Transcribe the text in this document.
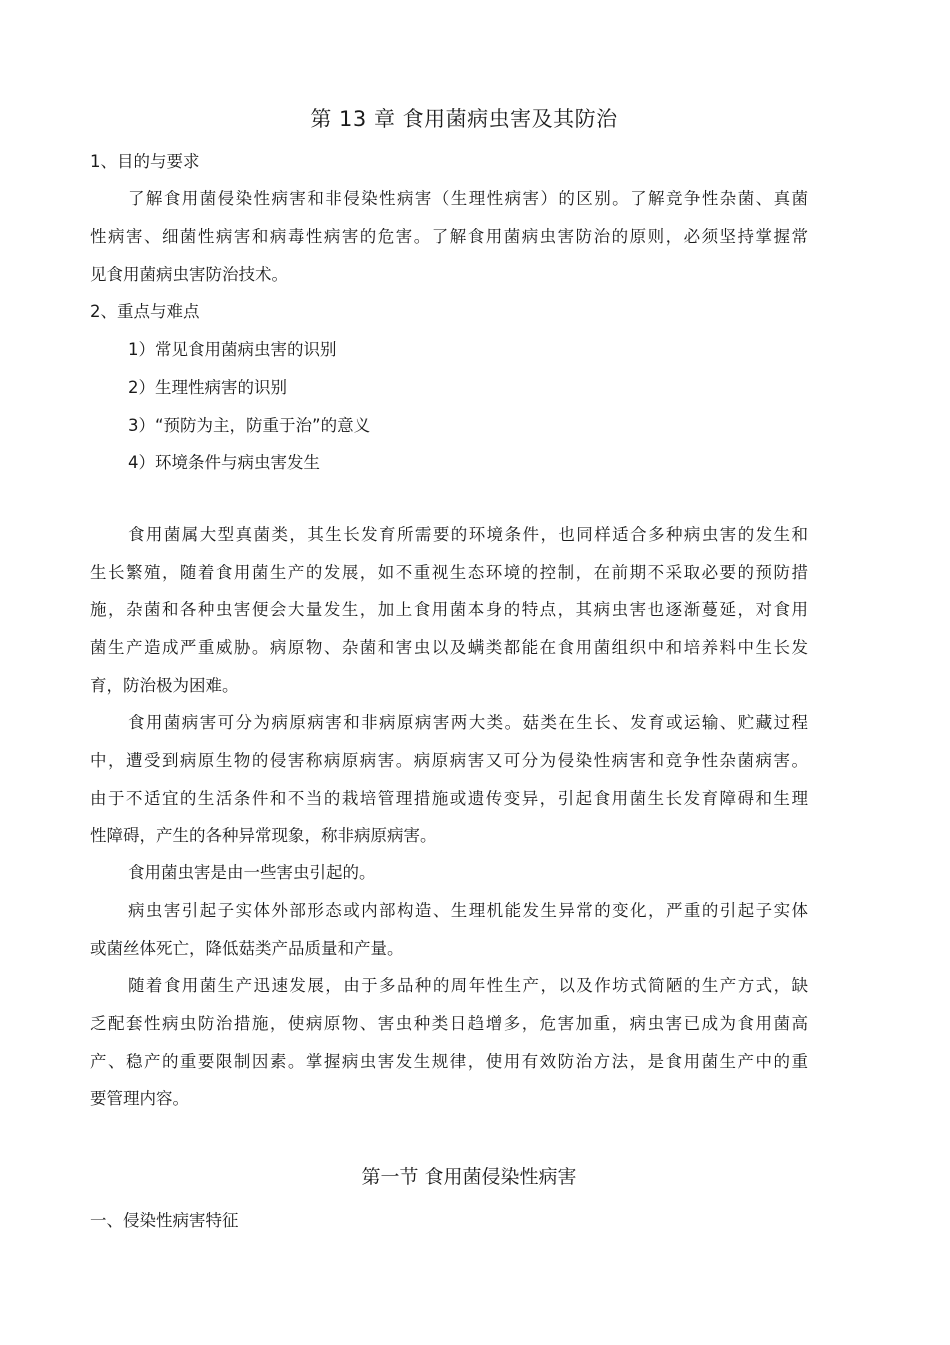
第 13 章 食用菌病虫害及其防治
1、目的与要求
了解食用菌侵染性病害和非侵染性病害（生理性病害）的区别。了解竞争性杂菌、真菌
性病害、细菌性病害和病毒性病害的危害。了解食用菌病虫害防治的原则，必须坚持掌握常
见食用菌病虫害防治技术。
2、重点与难点
1）常见食用菌病虫害的识别
2）生理性病害的识别
3）“预防为主，防重于治”的意义
4）环境条件与病虫害发生
食用菌属大型真菌类，其生长发育所需要的环境条件，也同样适合多种病虫害的发生和
生长繁殖，随着食用菌生产的发展，如不重视生态环境的控制，在前期不采取必要的预防措
施，杂菌和各种虫害便会大量发生，加上食用菌本身的特点，其病虫害也逐渐蔓延，对食用
菌生产造成严重威胁。病原物、杂菌和害虫以及螨类都能在食用菌组织中和培养料中生长发
育，防治极为困难。
食用菌病害可分为病原病害和非病原病害两大类。菇类在生长、发育或运输、贮藏过程
中，遭受到病原生物的侵害称病原病害。病原病害又可分为侵染性病害和竞争性杂菌病害。
由于不适宜的生活条件和不当的栽培管理措施或遗传变异，引起食用菌生长发育障碍和生理
性障碍，产生的各种异常现象，称非病原病害。
食用菌虫害是由一些害虫引起的。
病虫害引起子实体外部形态或内部构造、生理机能发生异常的变化，严重的引起子实体
或菌丝体死亡，降低菇类产品质量和产量。
随着食用菌生产迅速发展，由于多品种的周年性生产，以及作坊式简陋的生产方式，缺
乏配套性病虫防治措施，使病原物、害虫种类日趋增多，危害加重，病虫害已成为食用菌高
产、稳产的重要限制因素。掌握病虫害发生规律，使用有效防治方法，是食用菌生产中的重
要管理内容。
第一节 食用菌侵染性病害
一、侵染性病害特征
